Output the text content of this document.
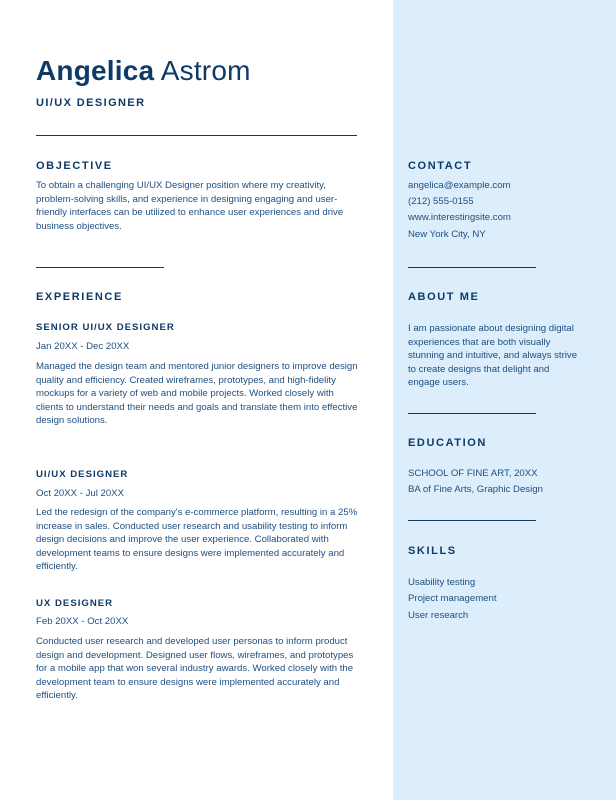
Angelica Astrom
UI/UX DESIGNER
OBJECTIVE
To obtain a challenging UI/UX Designer position where my creativity, problem-solving skills, and experience in designing engaging and user-friendly interfaces can be utilized to enhance user experiences and drive business objectives.
EXPERIENCE
SENIOR UI/UX DESIGNER
Jan 20XX - Dec 20XX
Managed the design team and mentored junior designers to improve design quality and efficiency. Created wireframes, prototypes, and high-fidelity mockups for a variety of web and mobile projects. Worked closely with clients to understand their needs and goals and translate them into effective design solutions.
UI/UX DESIGNER
Oct 20XX - Jul 20XX
Led the redesign of the company's e-commerce platform, resulting in a 25% increase in sales. Conducted user research and usability testing to inform design decisions and improve the user experience. Collaborated with development teams to ensure designs were implemented accurately and efficiently.
UX DESIGNER
Feb 20XX - Oct 20XX
Conducted user research and developed user personas to inform product design and development. Designed user flows, wireframes, and prototypes for a mobile app that won several industry awards. Worked closely with the development team to ensure designs were implemented accurately and efficiently.
CONTACT
angelica@example.com
(212) 555-0155
www.interestingsite.com
New York City, NY
ABOUT ME
I am passionate about designing digital experiences that are both visually stunning and intuitive, and always strive to create designs that delight and engage users.
EDUCATION
SCHOOL OF FINE ART, 20XX
BA of Fine Arts, Graphic Design
SKILLS
Usability testing
Project management
User research
